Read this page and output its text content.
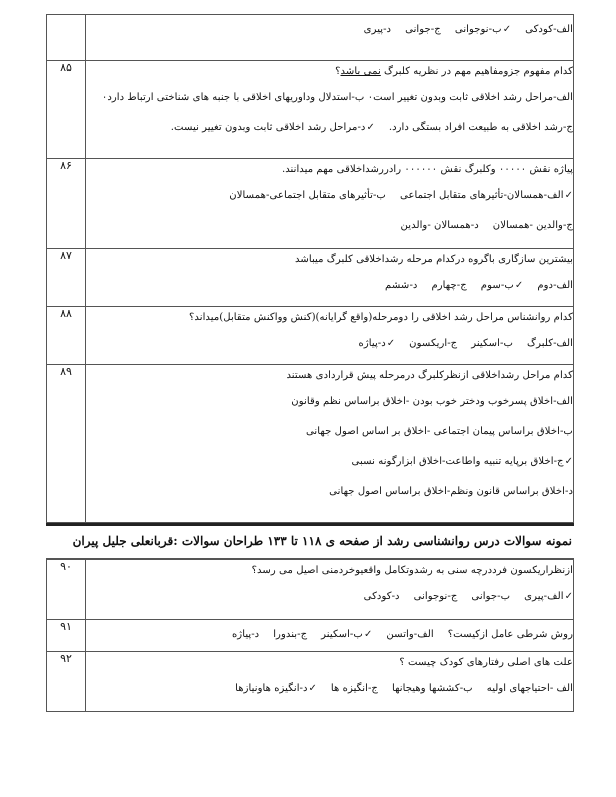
الف-کودکی✓ب-نوجوانیج-جوانید-پیری	

کدام مفهوم جزومفاهیم مهم در نظریه کلبرگ نمی باشد؟
الف-مراحل رشد اخلاقی ثابت وبدون تغییر است٠ ب-استدلال وداوریهای اخلاقی با جنبه های شناختی ارتباط دارد٠
ج-رشد اخلاقی به طبیعت افراد بستگی دارد.✓د-مراحل رشد اخلاقی ثابت وبدون تغییر نیست.	۸۵

پیاژه نقش ۰۰۰۰۰ وکلبرگ نقش ۰۰۰۰۰۰ رادررشداخلاقی مهم میدانند.
✓الف-همسالان-تأثیرهای متقابل اجتماعیب-تأثیرهای متقابل اجتماعی-همسالان
ج-والدین -همسالاند-همسالان -والدین	۸۶

بیشترین سازگاری باگروه درکدام مرحله رشداخلاقی کلبرگ میباشد
الف-دوم✓ب-سومج-چهارمد-ششم	۸۷

کدام روانشناس مراحل رشد اخلاقی را دومرحله(واقع گرایانه)(کنش وواکنش متقابل)میداند؟
الف-کلبرگب-اسکینرج-اریکسون✓د-پیاژه	۸۸

کدام مراحل رشداخلاقی ازنظرکلبرگ درمرحله پیش قراردادی هستند
الف-اخلاق پسرخوب ودختر خوب بودن -اخلاق براساس نظم وقانون
ب-اخلاق براساس پیمان اجتماعی -اخلاق بر اساس اصول جهانی
✓ج-اخلاق برپایه تنبیه واطاعت-اخلاق ابزارگونه نسبی
د-اخلاق براساس قانون ونظم-اخلاق براساس اصول جهانی	۸۹
نمونه سوالات درس روانشناسی رشد از صفحه ی ۱۱۸ تا ۱۳۳ طراحان سوالات :قربانعلی جلیل پیران
ازنظراریکسون فرددرچه سنی به رشدوتکامل واقعیوخردمنی اصیل می رسد؟
✓الف-پیریب-جوانیج-نوجوانید-کودکی	۹۰

روش شرطی عامل ازکیست؟الف-واتسن✓ب-اسکینرج-بندوراد-پیاژه	۹۱

علت های اصلی رفتارهای کودک چیست ؟
الف -احتیاجهای اولیهب-کششها وهیجانهاج-انگیزه ها✓د-انگیزه هاونیازها	۹۲
